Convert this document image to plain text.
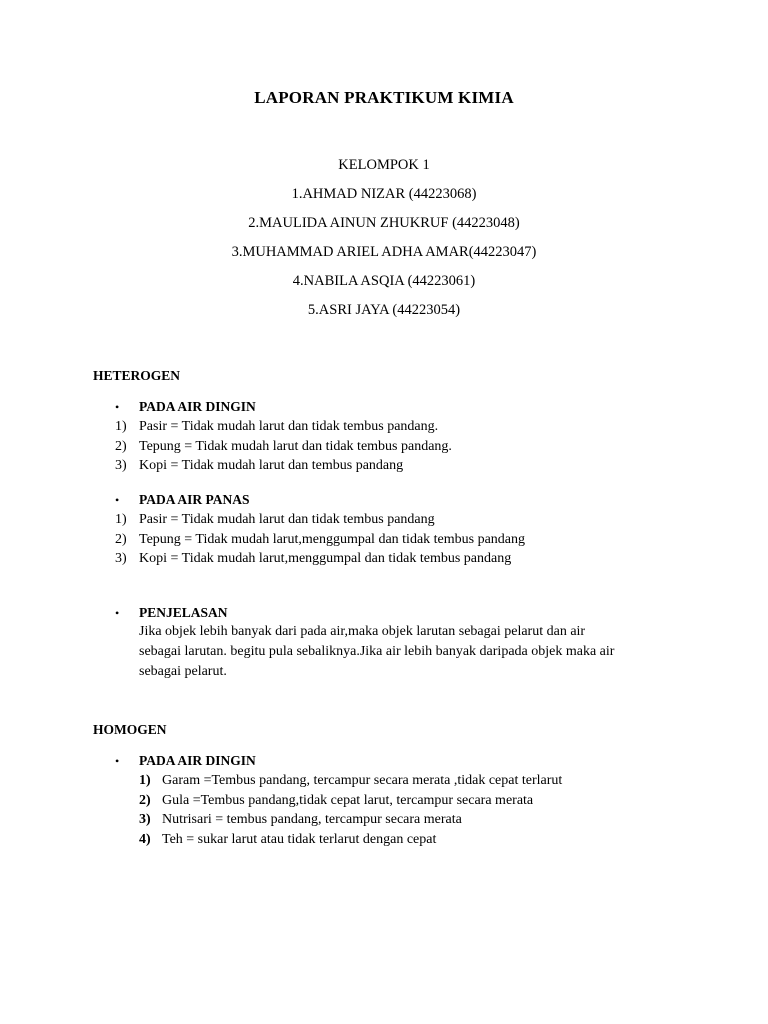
LAPORAN PRAKTIKUM KIMIA
KELOMPOK 1
1.AHMAD NIZAR (44223068)
2.MAULIDA AINUN ZHUKRUF (44223048)
3.MUHAMMAD ARIEL ADHA AMAR(44223047)
4.NABILA ASQIA (44223061)
5.ASRI JAYA (44223054)
HETEROGEN
• PADA AIR DINGIN
1) Pasir = Tidak mudah larut dan tidak tembus pandang.
2) Tepung = Tidak mudah larut dan tidak tembus pandang.
3) Kopi = Tidak mudah larut dan tembus pandang
• PADA AIR PANAS
1) Pasir = Tidak mudah larut dan tidak tembus pandang
2) Tepung = Tidak mudah larut,menggumpal dan tidak tembus pandang
3) Kopi = Tidak mudah larut,menggumpal dan tidak tembus pandang
• PENJELASAN
Jika objek lebih banyak dari pada air,maka objek larutan sebagai pelarut dan air
sebagai larutan. begitu pula sebaliknya.Jika air lebih banyak daripada objek maka air
sebagai pelarut.
HOMOGEN
• PADA AIR DINGIN
1) Garam =Tembus pandang, tercampur secara merata ,tidak cepat terlarut
2) Gula =Tembus pandang,tidak cepat larut, tercampur secara merata
3) Nutrisari = tembus pandang, tercampur secara merata
4) Teh = sukar larut atau tidak terlarut dengan cepat
